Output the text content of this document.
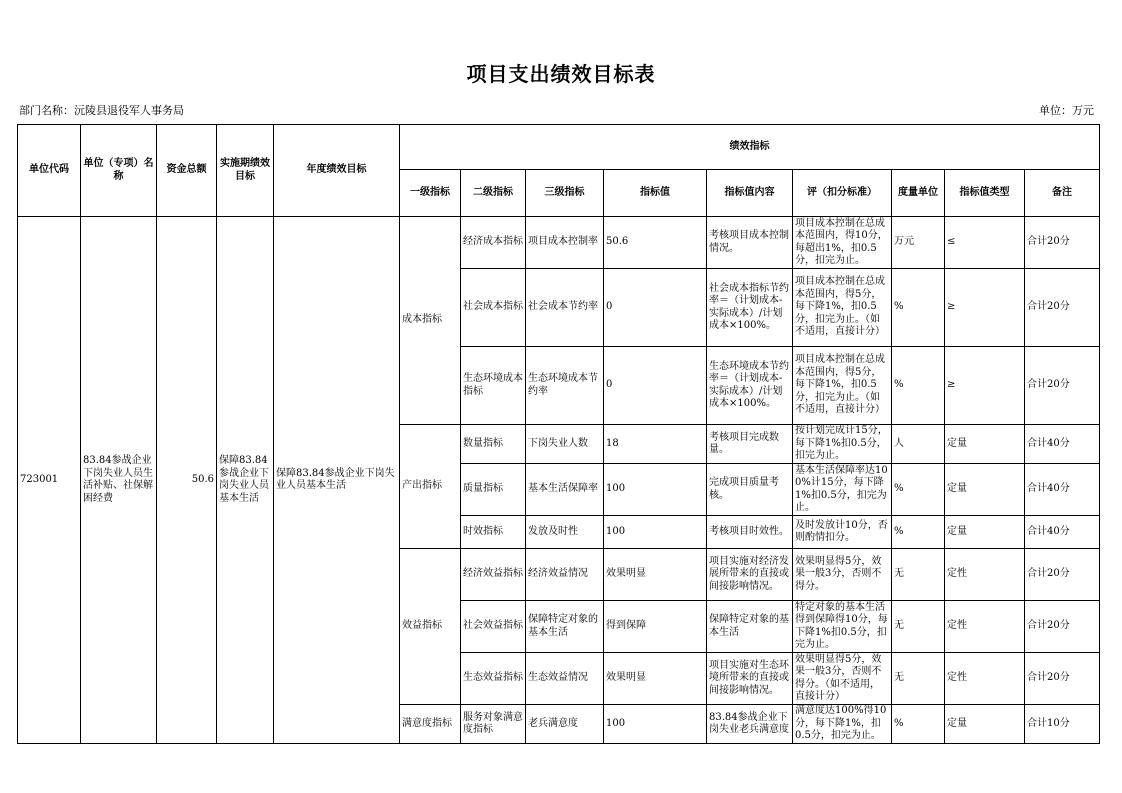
项目支出绩效目标表
部门名称：沅陵县退役军人事务局	单位：万元
单位代码	单位（专项）名称	资金总额	实施期绩效目标	年度绩效目标	绩效指标								
					一级指标	二级指标	三级指标	指标值	指标值内容	评（扣分标准）	度量单位	指标值类型	备注
723001	83.84参战企业下岗失业人员生活补贴、社保解困经费	50.6	保障83.84参战企业下岗失业人员基本生活	保障83.84参战企业下岗失业人员基本生活	成本指标	经济成本指标	项目成本控制率	50.6	考核项目成本控制情况。	项目成本控制在总成本范围内，得10分，每超出1%，扣0.5分，扣完为止。	万元	≤	合计20分
						社会成本指标	社会成本节约率	0	社会成本指标节约率＝（计划成本-实际成本）/计划成本×100%。	项目成本控制在总成本范围内，得5分，每下降1%，扣0.5分，扣完为止。（如不适用，直接计分）	%	≥	合计20分
						生态环境成本指标	生态环境成本节约率	0	生态环境成本节约率＝（计划成本-实际成本）/计划成本×100%。	项目成本控制在总成本范围内，得5分，每下降1%，扣0.5分，扣完为止。（如不适用，直接计分）	%	≥	合计20分
					产出指标	数量指标	下岗失业人数	18	考核项目完成数量。	按计划完成计15分，每下降1%扣0.5分，扣完为止。	人	定量	合计40分
						质量指标	基本生活保障率	100	完成项目质量考核。	基本生活保障率达100%计15分，每下降1%扣0.5分，扣完为止。	%	定量	合计40分
						时效指标	发放及时性	100	考核项目时效性。	及时发放计10分，否则酌情扣分。	%	定量	合计40分
					效益指标	经济效益指标	经济效益情况	效果明显	项目实施对经济发展所带来的直接或间接影响情况。	效果明显得5分，效果一般3分，否则不得分。	无	定性	合计20分
						社会效益指标	保障特定对象的基本生活	得到保障	保障特定对象的基本生活	特定对象的基本生活得到保障得10分，每下降1%扣0.5分，扣完为止。	无	定性	合计20分
						生态效益指标	生态效益情况	效果明显	项目实施对生态环境所带来的直接或间接影响情况。	效果明显得5分，效果一般3分，否则不得分。（如不适用，直接计分）	无	定性	合计20分
					满意度指标	服务对象满意度指标	老兵满意度	100	83.84参战企业下岗失业老兵满意度	满意度达100%得10分，每下降1%，扣0.5分，扣完为止。	%	定量	合计10分
